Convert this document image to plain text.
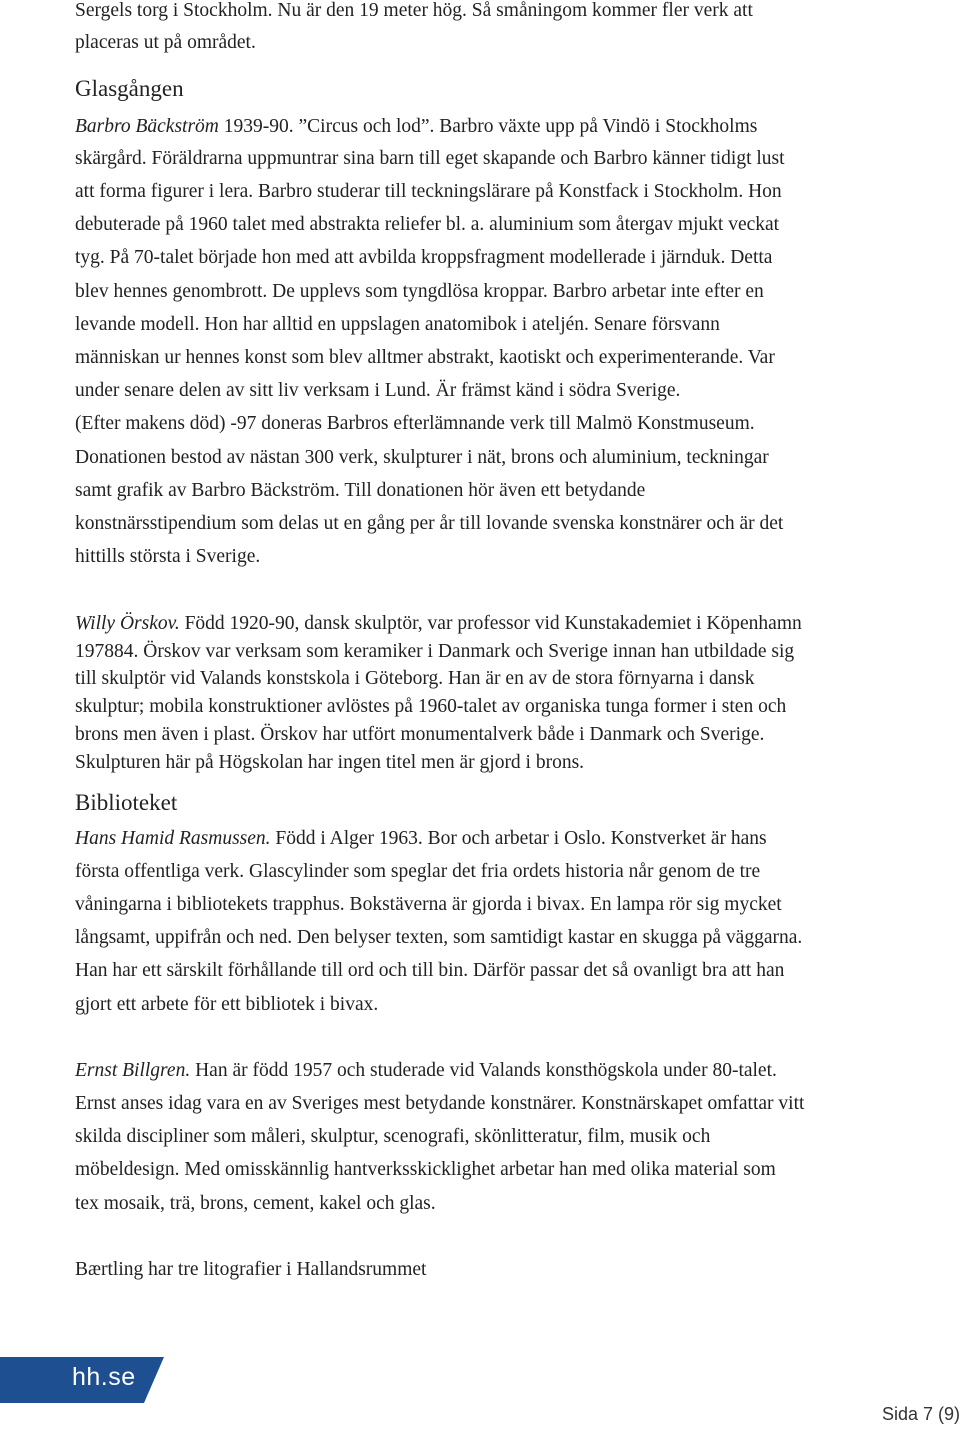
Sergels torg i Stockholm. Nu är den 19 meter hög. Så småningom kommer fler verk att
placeras ut på området.
Glasgången
Barbro Bäckström 1939-90. ”Circus och lod”. Barbro växte upp på Vindö i Stockholms
skärgård. Föräldrarna uppmuntrar sina barn till eget skapande och Barbro känner tidigt lust
att forma figurer i lera. Barbro studerar till teckningslärare på Konstfack i Stockholm. Hon
debuterade på 1960 talet med abstrakta reliefer bl. a. aluminium som återgav mjukt veckat
tyg. På 70-talet började hon med att avbilda kroppsfragment modellerade i järnduk. Detta
blev hennes genombrott. De upplevs som tyngdlösa kroppar. Barbro arbetar inte efter en
levande modell. Hon har alltid en uppslagen anatomibok i ateljén. Senare försvann
människan ur hennes konst som blev alltmer abstrakt, kaotiskt och experimenterande. Var
under senare delen av sitt liv verksam i Lund. Är främst känd i södra Sverige.
(Efter makens död) -97 doneras Barbros efterlämnande verk till Malmö Konstmuseum.
Donationen bestod av nästan 300 verk, skulpturer i nät, brons och aluminium, teckningar
samt grafik av Barbro Bäckström. Till donationen hör även ett betydande
konstnärsstipendium som delas ut en gång per år till lovande svenska konstnärer och är det
hittills största i Sverige.
Willy Örskov. Född 1920-90, dansk skulptör, var professor vid Kunstakademiet i Köpenhamn
197884. Örskov var verksam som keramiker i Danmark och Sverige innan han utbildade sig
till skulptör vid Valands konstskola i Göteborg. Han är en av de stora förnyarna i dansk
skulptur; mobila konstruktioner avlöstes på 1960-talet av organiska tunga former i sten och
brons men även i plast. Örskov har utfört monumentalverk både i Danmark och Sverige.
Skulpturen här på Högskolan har ingen titel men är gjord i brons.
Biblioteket
Hans Hamid Rasmussen. Född i Alger 1963. Bor och arbetar i Oslo. Konstverket är hans
första offentliga verk. Glascylinder som speglar det fria ordets historia når genom de tre
våningarna i bibliotekets trapphus. Bokstäverna är gjorda i bivax. En lampa rör sig mycket
långsamt, uppifrån och ned. Den belyser texten, som samtidigt kastar en skugga på väggarna.
Han har ett särskilt förhållande till ord och till bin. Därför passar det så ovanligt bra att han
gjort ett arbete för ett bibliotek i bivax.
Ernst Billgren. Han är född 1957 och studerade vid Valands konsthögskola under 80-talet.
Ernst anses idag vara en av Sveriges mest betydande konstnärer. Konstnärskapet omfattar vitt
skilda discipliner som måleri, skulptur, scenografi, skönlitteratur, film, musik och
möbeldesign. Med omisskännlig hantverksskicklighet arbetar han med olika material som
tex mosaik, trä, brons, cement, kakel och glas.
Bærtling har tre litografier i Hallandsrummet
hh.se
Sida 7 (9)
